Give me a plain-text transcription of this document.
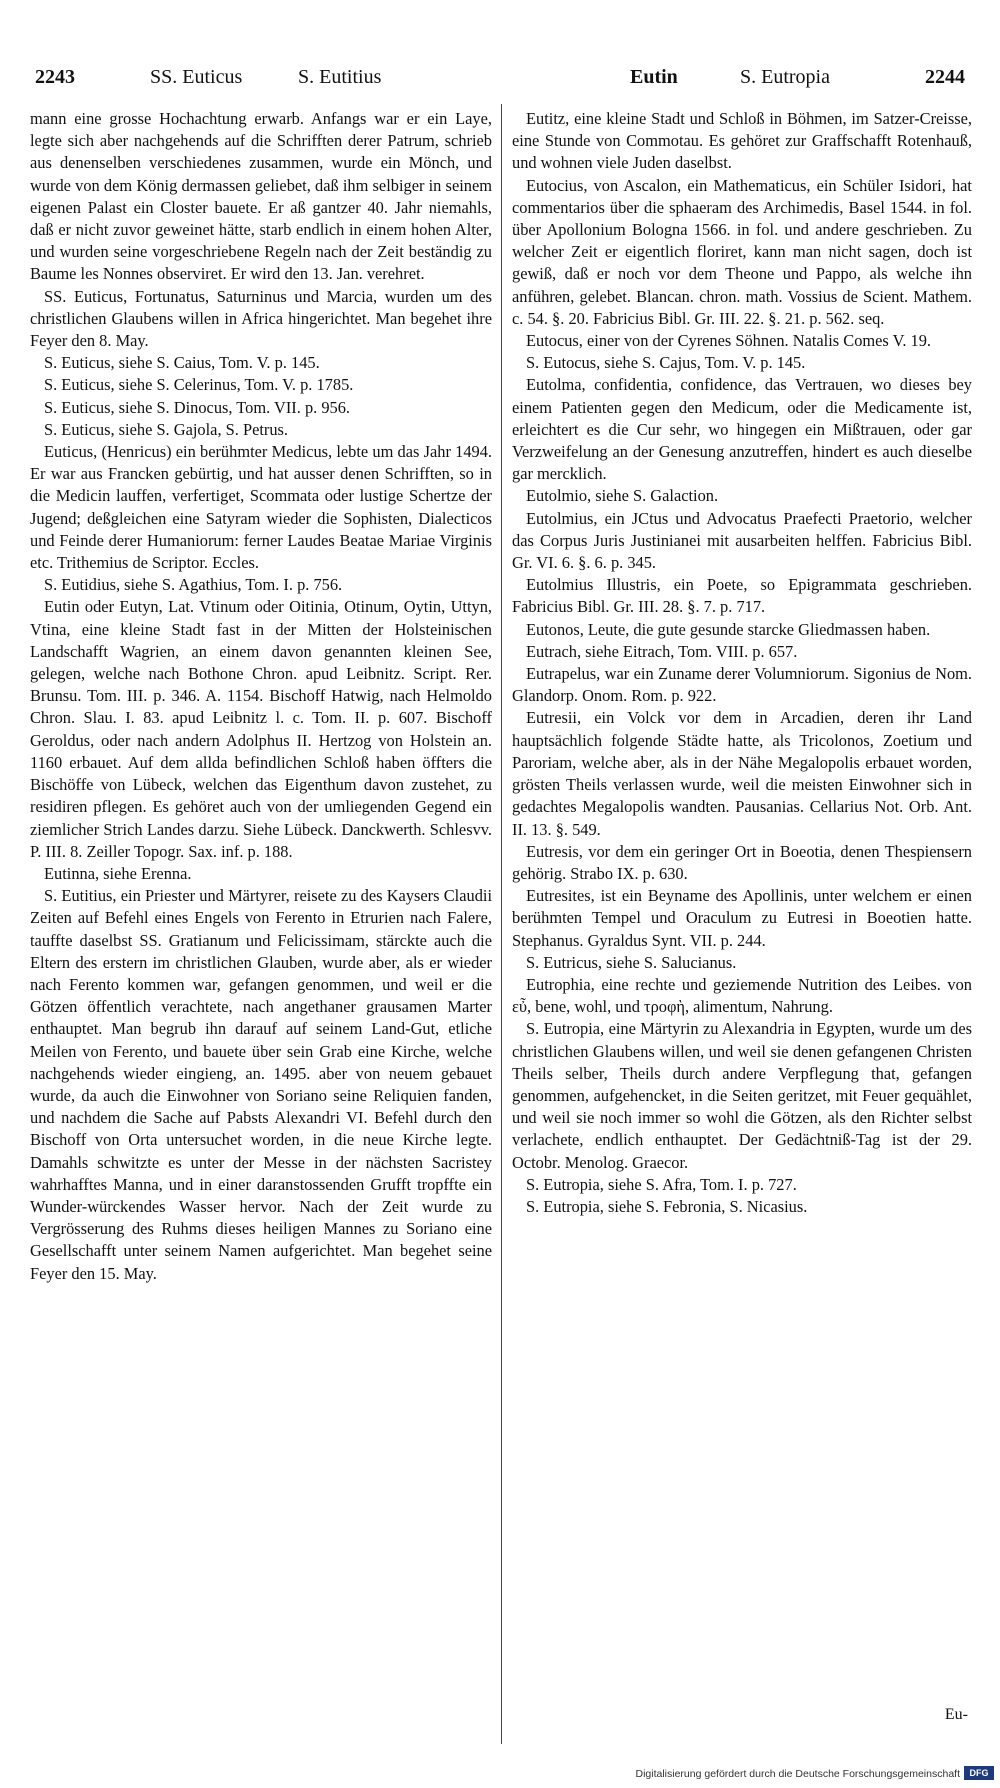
2243	SS. Euticus	S. Eutitius	Eutin	S. Eutropia	2244

mann eine grosse Hochachtung erwarb. Anfangs war er ein Laye, legte sich aber nachgehends auf die Schrifften derer Patrum, schrieb aus denenselben verschiedenes zusammen, wurde ein Mönch, und wurde von dem König dermassen geliebet, daß ihm selbiger in seinem eigenen Palast ein Closter bauete. Er aß gantzer 40. Jahr niemahls, daß er nicht zuvor geweinet hätte, starb endlich in einem hohen Alter, und wurden seine vorgeschriebene Regeln nach der Zeit beständig zu Baume les Nonnes observiret. Er wird den 13. Jan. verehret.

SS. Euticus, Fortunatus, Saturninus und Marcia, wurden um des christlichen Glaubens willen in Africa hingerichtet. Man begehet ihre Feyer den 8. May.

S. Euticus, siehe S. Caius, Tom. V. p. 145.

S. Euticus, siehe S. Celerinus, Tom. V. p. 1785.

S. Euticus, siehe S. Dinocus, Tom. VII. p. 956.

S. Euticus, siehe S. Gajola, S. Petrus.

Euticus, (Henricus) ein berühmter Medicus, lebte um das Jahr 1494. Er war aus Francken gebürtig, und hat ausser denen Schrifften, so in die Medicin lauffen, verfertiget, Scommata oder lustige Schertze der Jugend; deßgleichen eine Satyram wieder die Sophisten, Dialecticos und Feinde derer Humaniorum: ferner Laudes Beatae Mariae Virginis etc. Trithemius de Scriptor. Eccles.

S. Eutidius, siehe S. Agathius, Tom. I. p. 756.

Eutin oder Eutyn, Lat. Vtinum oder Oitinia, Otinum, Oytin, Uttyn, Vtina, eine kleine Stadt fast in der Mitten der Holsteinischen Landschafft Wagrien, an einem davon genannten kleinen See, gelegen, welche nach Bothone Chron. apud Leibnitz. Script. Rer. Brunsu. Tom. III. p. 346. A. 1154. Bischoff Hatwig, nach Helmoldo Chron. Slau. I. 83. apud Leibnitz l. c. Tom. II. p. 607. Bischoff Geroldus, oder nach andern Adolphus II. Hertzog von Holstein an. 1160 erbauet. Auf dem allda befindlichen Schloß haben öffters die Bischöffe von Lübeck, welchen das Eigenthum davon zustehet, zu residiren pflegen. Es gehöret auch von der umliegenden Gegend ein ziemlicher Strich Landes darzu. Siehe Lübeck. Danckwerth. Schlesvv. P. III. 8. Zeiller Topogr. Sax. inf. p. 188.

Eutinna, siehe Erenna.

S. Eutitius, ein Priester und Märtyrer, reisete zu des Kaysers Claudii Zeiten auf Befehl eines Engels von Ferento in Etrurien nach Falere, tauffte daselbst SS. Gratianum und Felicissimam, stärckte auch die Eltern des erstern im christlichen Glauben, wurde aber, als er wieder nach Ferento kommen war, gefangen genommen, und weil er die Götzen öffentlich verachtete, nach angethaner grausamen Marter enthauptet. Man begrub ihn darauf auf seinem Land-Gut, etliche Meilen von Ferento, und bauete über sein Grab eine Kirche, welche nachgehends wieder eingieng, an. 1495. aber von neuem gebauet wurde, da auch die Einwohner von Soriano seine Reliquien fanden, und nachdem die Sache auf Pabsts Alexandri VI. Befehl durch den Bischoff von Orta untersuchet worden, in die neue Kirche legte. Damahls schwitzte es unter der Messe in der nächsten Sacristey wahrhafftes Manna, und in einer daranstossenden Grufft tropffte ein Wunder-würckendes Wasser hervor. Nach der Zeit wurde zu Vergrösserung des Ruhms dieses heiligen Mannes zu Soriano eine Gesellschafft unter seinem Namen aufgerichtet. Man begehet seine Feyer den 15. May.

Eutitz, eine kleine Stadt und Schloß in Böhmen, im Satzer-Creisse, eine Stunde von Commotau. Es gehöret zur Graffschafft Rotenhauß, und wohnen viele Juden daselbst.

Eutocius, von Ascalon, ein Mathematicus, ein Schüler Isidori, hat commentarios über die sphaeram des Archimedis, Basel 1544. in fol. über Apollonium Bologna 1566. in fol. und andere geschrieben. Zu welcher Zeit er eigentlich floriret, kann man nicht sagen, doch ist gewiß, daß er noch vor dem Theone und Pappo, als welche ihn anführen, gelebet. Blancan. chron. math. Vossius de Scient. Mathem. c. 54. §. 20. Fabricius Bibl. Gr. III. 22. §. 21. p. 562. seq.

Eutocus, einer von der Cyrenes Söhnen. Natalis Comes V. 19.

S. Eutocus, siehe S. Cajus, Tom. V. p. 145.

Eutolma, confidentia, confidence, das Vertrauen, wo dieses bey einem Patienten gegen den Medicum, oder die Medicamente ist, erleichtert es die Cur sehr, wo hingegen ein Mißtrauen, oder gar Verzweifelung an der Genesung anzutreffen, hindert es auch dieselbe gar mercklich.

Eutolmio, siehe S. Galaction.

Eutolmius, ein JCtus und Advocatus Praefecti Praetorio, welcher das Corpus Juris Justinianei mit ausarbeiten helffen. Fabricius Bibl. Gr. VI. 6. §. 6. p. 345.

Eutolmius Illustris, ein Poete, so Epigrammata geschrieben. Fabricius Bibl. Gr. III. 28. §. 7. p. 717.

Eutonos, Leute, die gute gesunde starcke Gliedmassen haben.

Eutrach, siehe Eitrach, Tom. VIII. p. 657.

Eutrapelus, war ein Zuname derer Volumniorum. Sigonius de Nom. Glandorp. Onom. Rom. p. 922.

Eutresii, ein Volck vor dem in Arcadien, deren ihr Land hauptsächlich folgende Städte hatte, als Tricolonos, Zoetium und Paroriam, welche aber, als in der Nähe Megalopolis erbauet worden, grösten Theils verlassen wurde, weil die meisten Einwohner sich in gedachtes Megalopolis wandten. Pausanias. Cellarius Not. Orb. Ant. II. 13. §. 549.

Eutresis, vor dem ein geringer Ort in Boeotia, denen Thespiensern gehörig. Strabo IX. p. 630.

Eutresites, ist ein Beyname des Apollinis, unter welchem er einen berühmten Tempel und Oraculum zu Eutresi in Boeotien hatte. Stephanus. Gyraldus Synt. VII. p. 244.

S. Eutricus, siehe S. Salucianus.

Eutrophia, eine rechte und geziemende Nutrition des Leibes. von εὖ, bene, wohl, und τροφὴ, alimentum, Nahrung.

S. Eutropia, eine Märtyrin zu Alexandria in Egypten, wurde um des christlichen Glaubens willen, und weil sie denen gefangenen Christen Theils selber, Theils durch andere Verpflegung that, gefangen genommen, aufgehencket, in die Seiten geritzet, mit Feuer gequählet, und weil sie noch immer so wohl die Götzen, als den Richter selbst verlachete, endlich enthauptet. Der Gedächtniß-Tag ist der 29. Octobr. Menolog. Graecor.

S. Eutropia, siehe S. Afra, Tom. I. p. 727.

S. Eutropia, siehe S. Febronia, S. Nicasius.

Eu-
Digitalisierung gefördert durch die Deutsche Forschungsgemeinschaft	DFG
